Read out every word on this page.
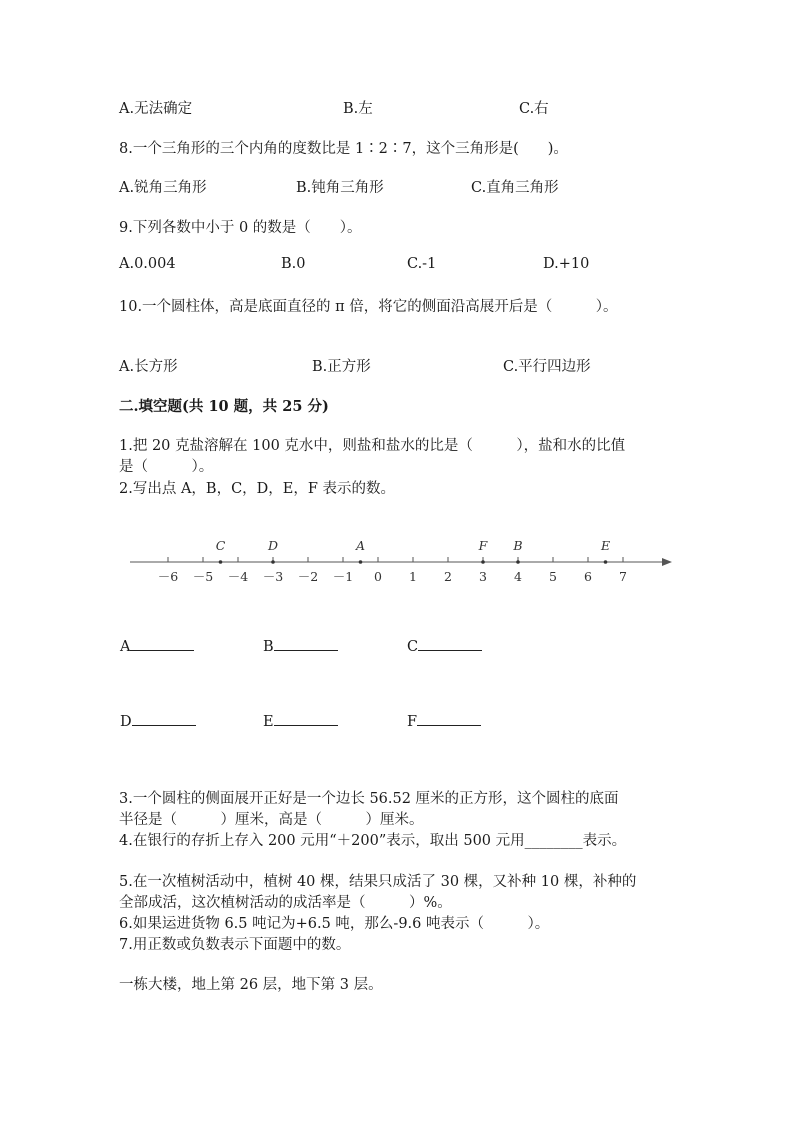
A.无法确定	B.左	C.右
8.一个三角形的三个内角的度数比是 1∶2∶7，这个三角形是(　　)。
A.锐角三角形	B.钝角三角形	C.直角三角形
9.下列各数中小于 0 的数是（　　）。
A.0.004	B.0	C.-1	D.+10
10.一个圆柱体，高是底面直径的 π 倍，将它的侧面沿高展开后是（　　　）。
A.长方形	B.正方形	C.平行四边形
二.填空题(共 10 题，共 25 分)
1.把 20 克盐溶解在 100 克水中，则盐和盐水的比是（　　　），盐和水的比值
是（　　　）。
2.写出点 A，B，C，D，E，F 表示的数。
－6 －5 －4 －3 －2 －1 0 1 2 3 4 5 6 7
C	D	A	F B	E
A	B	C
D	E	F
3.一个圆柱的侧面展开正好是一个边长 56.52 厘米的正方形，这个圆柱的底面
半径是（　　　）厘米，高是（　　　）厘米。
4.在银行的存折上存入 200 元用“＋200”表示，取出 500 元用________表示。
5.在一次植树活动中，植树 40 棵，结果只成活了 30 棵，又补种 10 棵，补种的
全部成活，这次植树活动的成活率是（　　　）%。
6.如果运进货物 6.5 吨记为+6.5 吨，那么-9.6 吨表示（　　　）。
7.用正数或负数表示下面题中的数。
一栋大楼，地上第 26 层，地下第 3 层。
